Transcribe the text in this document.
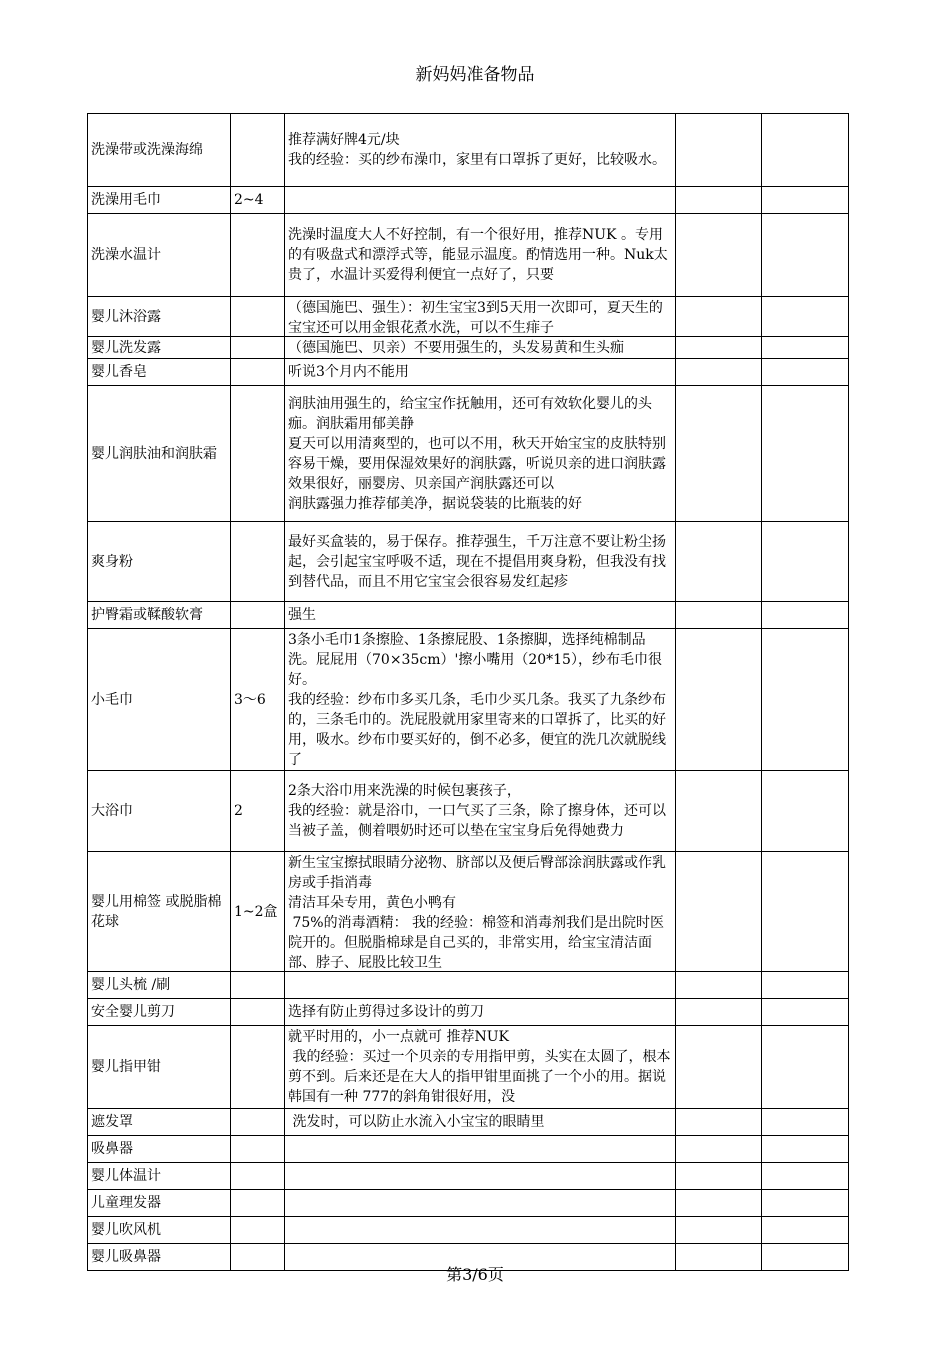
新妈妈准备物品
洗澡带或洗澡海绵		推荐满好牌4元/块
我的经验：买的纱布澡巾，家里有口罩拆了更好，比较吸水。		

洗澡用毛巾	2~4	

洗澡水温计		洗澡时温度大人不好控制，有一个很好用，推荐NUK 。专用的有吸盘式和漂浮式等，能显示温度。酌情选用一种。Nuk太贵了，水温计买爱得利便宜一点好了，只要		

婴儿沐浴露		（德国施巴、强生）：初生宝宝3到5天用一次即可，夏天生的宝宝还可以用金银花煮水洗，可以不生痱子		

婴儿洗发露		（德国施巴、贝亲）不要用强生的，头发易黄和生头痂		

婴儿香皂		听说3个月内不能用		

婴儿润肤油和润肤霜		润肤油用强生的，给宝宝作抚触用，还可有效软化婴儿的头痂。润肤霜用郁美静
夏天可以用清爽型的，也可以不用，秋天开始宝宝的皮肤特别容易干燥，要用保湿效果好的润肤露，听说贝亲的进口润肤露效果很好，丽婴房、贝亲国产润肤露还可以
润肤露强力推荐郁美净，据说袋装的比瓶装的好		

爽身粉		最好买盒装的，易于保存。推荐强生，千万注意不要让粉尘扬起，会引起宝宝呼吸不适，现在不提倡用爽身粉，但我没有找到替代品，而且不用它宝宝会很容易发红起疹		

护臀霜或鞣酸软膏		强生		

小毛巾	3～6	3条小毛巾1条擦脸、1条擦屁股、1条擦脚，选择纯棉制品洗。屁屁用（70×35cm）'擦小嘴用（20*15），纱布毛巾很好。
我的经验：纱布巾多买几条，毛巾少买几条。我买了九条纱布的，三条毛巾的。洗屁股就用家里寄来的口罩拆了，比买的好用，吸水。纱布巾要买好的，倒不必多，便宜的洗几次就脱线了		

大浴巾	2	2条大浴巾用来洗澡的时候包裹孩子，
我的经验：就是浴巾，一口气买了三条，除了擦身体，还可以当被子盖，侧着喂奶时还可以垫在宝宝身后免得她费力		

婴儿用棉签 或脱脂棉花球	1~2盒	新生宝宝擦拭眼睛分泌物、脐部以及便后臀部涂润肤露或作乳房或手指消毒
清洁耳朵专用，黄色小鸭有
75%的消毒酒精： 我的经验：棉签和消毒剂我们是出院时医院开的。但脱脂棉球是自己买的，非常实用，给宝宝清洁面部、脖子、屁股比较卫生		

婴儿头梳 /刷		

安全婴儿剪刀		选择有防止剪得过多设计的剪刀		

婴儿指甲钳		就平时用的，小一点就可 推荐NUK
我的经验：买过一个贝亲的专用指甲剪，头实在太圆了，根本剪不到。后来还是在大人的指甲钳里面挑了一个小的用。据说韩国有一种 777的斜角钳很好用，没		

遮发罩		洗发时，可以防止水流入小宝宝的眼睛里		

吸鼻器		

婴儿体温计		

儿童理发器		

婴儿吹风机		

婴儿吸鼻器		

第3/6页
